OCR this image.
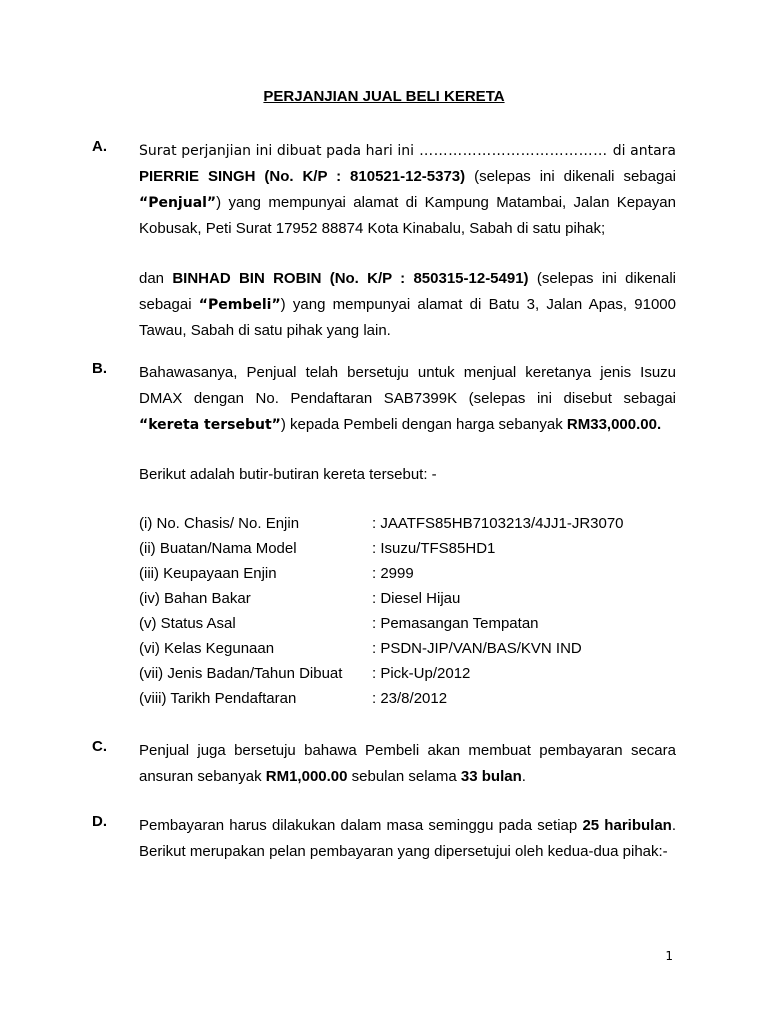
PERJANJIAN JUAL BELI KERETA
A. Surat perjanjian ini dibuat pada hari ini ………………………………… di antara PIERRIE SINGH (No. K/P : 810521-12-5373) (selepas ini dikenali sebagai “Penjual”) yang mempunyai alamat di Kampung Matambai, Jalan Kepayan Kobusak, Peti Surat 17952 88874 Kota Kinabalu, Sabah di satu pihak;

dan BINHAD BIN ROBIN (No. K/P : 850315-12-5491) (selepas ini dikenali sebagai “Pembeli”) yang mempunyai alamat di Batu 3, Jalan Apas, 91000 Tawau, Sabah di satu pihak yang lain.

B. Bahawasanya, Penjual telah bersetuju untuk menjual keretanya jenis Isuzu DMAX dengan No. Pendaftaran SAB7399K (selepas ini disebut sebagai “kereta tersebut”) kepada Pembeli dengan harga sebanyak RM33,000.00.

Berikut adalah butir-butiran kereta tersebut: -

(i) No. Chasis/ No. Enjin	: JAATFS85HB7103213/4JJ1-JR3070
(ii) Buatan/Nama Model	: Isuzu/TFS85HD1
(iii) Keupayaan Enjin	: 2999
(iv) Bahan Bakar	: Diesel Hijau
(v) Status Asal	: Pemasangan Tempatan
(vi) Kelas Kegunaan	: PSDN-JIP/VAN/BAS/KVN IND
(vii) Jenis Badan/Tahun Dibuat	: Pick-Up/2012
(viii) Tarikh Pendaftaran	: 23/8/2012
C. Penjual juga bersetuju bahawa Pembeli akan membuat pembayaran secara ansuran sebanyak RM1,000.00 sebulan selama 33 bulan.

D. Pembayaran harus dilakukan dalam masa seminggu pada setiap 25 haribulan. Berikut merupakan pelan pembayaran yang dipersetujui oleh kedua-dua pihak:-

1
